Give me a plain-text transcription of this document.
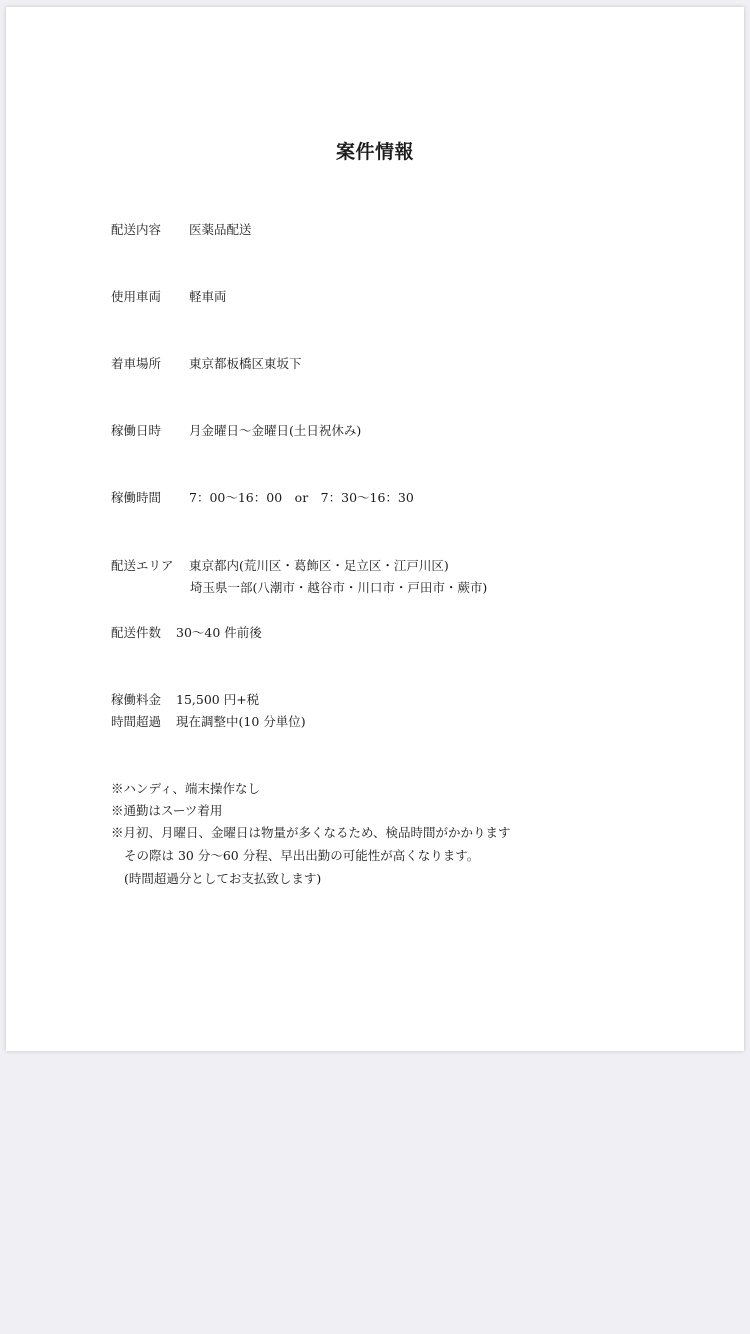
案件情報
配送内容 医薬品配送
使用車両 軽車両
着車場所 東京都板橋区東坂下
稼働日時 月金曜日～金曜日(土日祝休み)
稼働時間 7：00～16：00　or　7：30～16：30
配送エリア 東京都内(荒川区・葛飾区・足立区・江戸川区)
埼玉県一部(八潮市・越谷市・川口市・戸田市・蕨市)
配送件数 30～40 件前後
稼働料金 15,500 円+税
時間超過 現在調整中(10 分単位)
※ハンディ、端末操作なし
※通勤はスーツ着用
※月初、月曜日、金曜日は物量が多くなるため、検品時間がかかります
その際は 30 分～60 分程、早出出勤の可能性が高くなります。
(時間超過分としてお支払致します)
